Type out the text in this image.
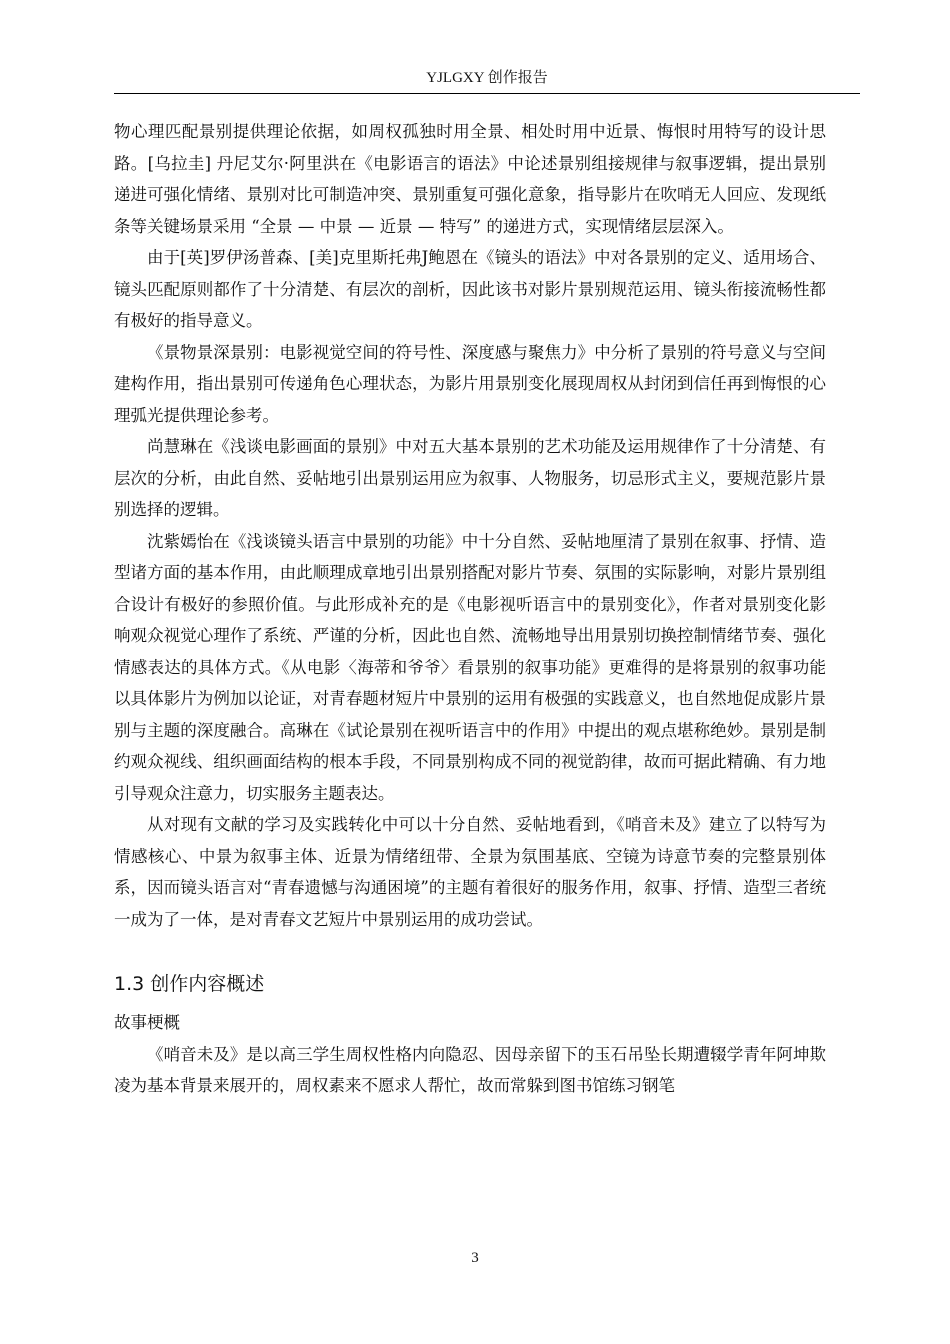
YJLGXY 创作报告

物心理匹配景别提供理论依据，如周权孤独时用全景、相处时用中近景、悔恨时用特写的设计思路。[乌拉圭] 丹尼艾尔·阿里洪在《电影语言的语法》中论述景别组接规律与叙事逻辑，提出景别递进可强化情绪、景别对比可制造冲突、景别重复可强化意象，指导影片在吹哨无人回应、发现纸条等关键场景采用 “全景 — 中景 — 近景 — 特写” 的递进方式，实现情绪层层深入。

由于[英]罗伊汤普森、[美]克里斯托弗J鲍恩在《镜头的语法》中对各景别的定义、适用场合、镜头匹配原则都作了十分清楚、有层次的剖析，因此该书对影片景别规范运用、镜头衔接流畅性都有极好的指导意义。

《景物景深景别：电影视觉空间的符号性、深度感与聚焦力》中分析了景别的符号意义与空间建构作用，指出景别可传递角色心理状态，为影片用景别变化展现周权从封闭到信任再到悔恨的心理弧光提供理论参考。

尚慧琳在《浅谈电影画面的景别》中对五大基本景别的艺术功能及运用规律作了十分清楚、有层次的分析，由此自然、妥帖地引出景别运用应为叙事、人物服务，切忌形式主义，要规范影片景别选择的逻辑。

沈紫嫣怡在《浅谈镜头语言中景别的功能》中十分自然、妥帖地厘清了景别在叙事、抒情、造型诸方面的基本作用，由此顺理成章地引出景别搭配对影片节奏、氛围的实际影响，对影片景别组合设计有极好的参照价值。与此形成补充的是《电影视听语言中的景别变化》，作者对景别变化影响观众视觉心理作了系统、严谨的分析，因此也自然、流畅地导出用景别切换控制情绪节奏、强化情感表达的具体方式。《从电影〈海蒂和爷爷〉看景别的叙事功能》更难得的是将景别的叙事功能以具体影片为例加以论证，对青春题材短片中景别的运用有极强的实践意义，也自然地促成影片景别与主题的深度融合。高琳在《试论景别在视听语言中的作用》中提出的观点堪称绝妙。景别是制约观众视线、组织画面结构的根本手段，不同景别构成不同的视觉韵律，故而可据此精确、有力地引导观众注意力，切实服务主题表达。

从对现有文献的学习及实践转化中可以十分自然、妥帖地看到，《哨音未及》建立了以特写为情感核心、中景为叙事主体、近景为情绪纽带、全景为氛围基底、空镜为诗意节奏的完整景别体系，因而镜头语言对“青春遗憾与沟通困境”的主题有着很好的服务作用，叙事、抒情、造型三者统一成为了一体，是对青春文艺短片中景别运用的成功尝试。

1.3 创作内容概述
故事梗概

《哨音未及》是以高三学生周权性格内向隐忍、因母亲留下的玉石吊坠长期遭辍学青年阿坤欺凌为基本背景来展开的，周权素来不愿求人帮忙，故而常躲到图书馆练习钢笔

3
